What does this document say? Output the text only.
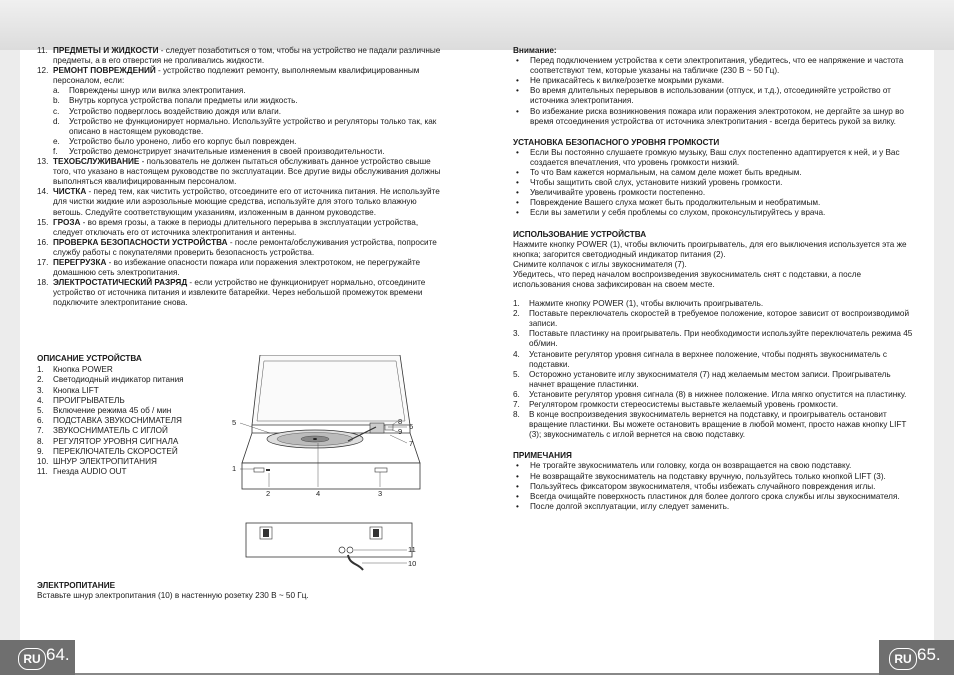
11. ПРЕДМЕТЫ И ЖИДКОСТИ - следует позаботиться о том, чтобы на устройство не падали различные предметы, а в его отверстия не проливались жидкости.
12. РЕМОНТ ПОВРЕЖДЕНИЙ - устройство подлежит ремонту, выполняемым квалифицированным персоналом, если:
a. Повреждены шнур или вилка электропитания.
b. Внутрь корпуса устройства попали предметы или жидкость.
c. Устройство подверглось воздействию дождя или влаги.
d. Устройство не функционирует нормально. Используйте устройство и регуляторы только так, как описано в настоящем руководстве.
e. Устройство было уронено, либо его корпус был поврежден.
f. Устройство демонстрирует значительные изменения в своей производительности.
13. ТЕХОБСЛУЖИВАНИЕ - пользователь не должен пытаться обслуживать данное устройство свыше того, что указано в настоящем руководстве по эксплуатации. Все другие виды обслуживания должны выполняться квалифицированным персоналом.
14. ЧИСТКА - перед тем, как чистить устройство, отсоедините его от источника питания. Не используйте для чистки жидкие или аэрозольные моющие средства, используйте для этого только влажную ветошь. Следуйте соответствующим указаниям, изложенным в данном руководстве.
15. ГРОЗА - во время грозы, а также в периоды длительного перерыва в эксплуатации устройства, следует отключать его от источника электропитания и антенны.
16. ПРОВЕРКА БЕЗОПАСНОСТИ УСТРОЙСТВА - после ремонта/обслуживания устройства, попросите службу работы с покупателями проверить безопасность устройства.
17. ПЕРЕГРУЗКА - во избежание опасности пожара или поражения электротоком, не перегружайте домашнюю сеть электропитания.
18. ЭЛЕКТРОСТАТИЧЕСКИЙ РАЗРЯД - если устройство не функционирует нормально, отсоедините устройство от источника питания и извлеките батарейки. Через небольшой промежуток времени подключите электропитание снова.
ОПИСАНИЕ УСТРОЙСТВА
1. Кнопка POWER
2. Светодиодный индикатор питания
3. Кнопка LIFT
4. ПРОИГРЫВАТЕЛЬ
5. Включение режима 45 об / мин
6. ПОДСТАВКА ЗВУКОСНИМАТЕЛЯ
7. ЗВУКОСНИМАТЕЛЬ С ИГЛОЙ
8. РЕГУЛЯТОР УРОВНЯ СИГНАЛА
9. ПЕРЕКЛЮЧАТЕЛЬ СКОРОСТЕЙ
10. ШНУР ЭЛЕКТРОПИТАНИЯ
11. Гнезда AUDIO OUT
5
1
2	4	3
8
9
6
7
11
10
ЭЛЕКТРОПИТАНИЕ
Вставьте шнур электропитания (10) в настенную розетку 230 В ~ 50 Гц.
Внимание:
• Перед подключением устройства к сети электропитания, убедитесь, что ее напряжение и частота соответствуют тем, которые указаны на табличке (230 В ~ 50 Гц).
• Не прикасайтесь к вилке/розетке мокрыми руками.
• Во время длительных перерывов в использовании (отпуск, и т.д.), отсоединяйте устройство от источника электропитания.
• Во избежание риска возникновения пожара или поражения электротоком, не дергайте за шнур во время отсоединения устройства от источника электропитания - всегда беритесь рукой за вилку.
УСТАНОВКА БЕЗОПАСНОГО УРОВНЯ ГРОМКОСТИ
• Если Вы постоянно слушаете громкую музыку, Ваш слух постепенно адаптируется к ней, и у Вас создается впечатления, что уровень громкости низкий.
• То что Вам кажется нормальным, на самом деле может быть вредным.
• Чтобы защитить свой слух, установите низкий уровень громкости.
• Увеличивайте уровень громкости постепенно.
• Повреждение Вашего слуха может быть продолжительным и необратимым.
• Если вы заметили у себя проблемы со слухом, проконсультируйтесь у врача.
ИСПОЛЬЗОВАНИЕ УСТРОЙСТВА
Нажмите кнопку POWER (1), чтобы включить проигрыватель, для его выключения используется эта же кнопка; загорится светодиодный индикатор питания (2).
Снимите колпачок с иглы звукоснимателя (7).
Убедитесь, что перед началом воспроизведения звукосниматель снят с подставки, а после использования снова зафиксирован на своем месте.
1. Нажмите кнопку POWER (1), чтобы включить проигрыватель.
2. Поставьте переключатель скоростей в требуемое положение, которое зависит от воспроизводимой записи.
3. Поставьте пластинку на проигрыватель. При необходимости используйте переключатель режима 45 об/мин.
4. Установите регулятор уровня сигнала в верхнее положение, чтобы поднять звукосниматель с подставки.
5. Осторожно установите иглу звукоснимателя (7) над желаемым местом записи. Проигрыватель начнет вращение пластинки.
6. Установите регулятор уровня сигнала (8) в нижнее положение. Игла мягко опустится на пластинку.
7. Регулятором громкости стереосистемы выставьте желаемый уровень громкости.
8. В конце воспроизведения звукосниматель вернется на подставку, и проигрыватель остановит вращение пластинки. Вы можете остановить вращение в любой момент, просто нажав кнопку LIFT (3); звукосниматель с иглой вернется на свою подставку.
ПРИМЕЧАНИЯ
• Не трогайте звукосниматель или головку, когда он возвращается на свою подставку.
• Не возвращайте звукосниматель на подставку вручную, пользуйтесь только кнопкой LIFT (3).
• Пользуйтесь фиксатором звукоснимателя, чтобы избежать случайного повреждения иглы.
• Всегда очищайте поверхность пластинок для более долгого срока службы иглы звукоснимателя.
• После долгой эксплуатации, иглу следует заменить.
RU 64.	RU 65.
